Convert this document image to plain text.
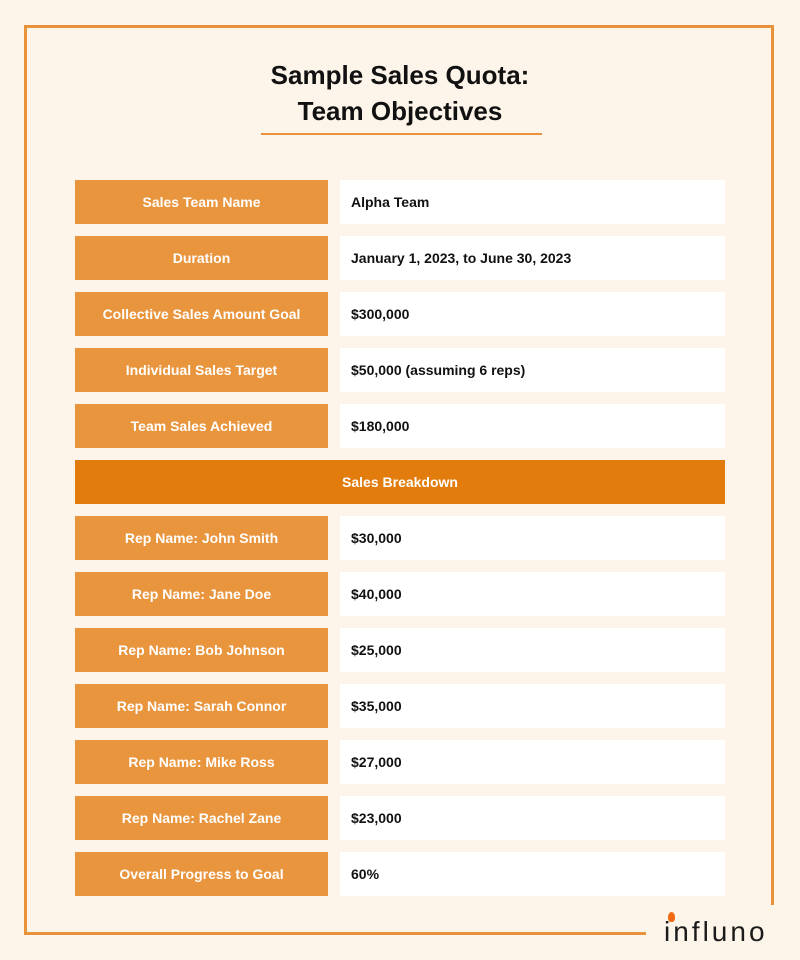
Sample Sales Quota:
Team Objectives
Sales Team Name	Alpha Team
Duration	January 1, 2023, to June 30, 2023
Collective Sales Amount Goal	$300,000
Individual Sales Target	$50,000 (assuming 6 reps)
Team Sales Achieved	$180,000
Sales Breakdown
Rep Name: John Smith	$30,000
Rep Name: Jane Doe	$40,000
Rep Name: Bob Johnson	$25,000
Rep Name: Sarah Connor	$35,000
Rep Name: Mike Ross	$27,000
Rep Name: Rachel Zane	$23,000
Overall Progress to Goal	60%
influno
